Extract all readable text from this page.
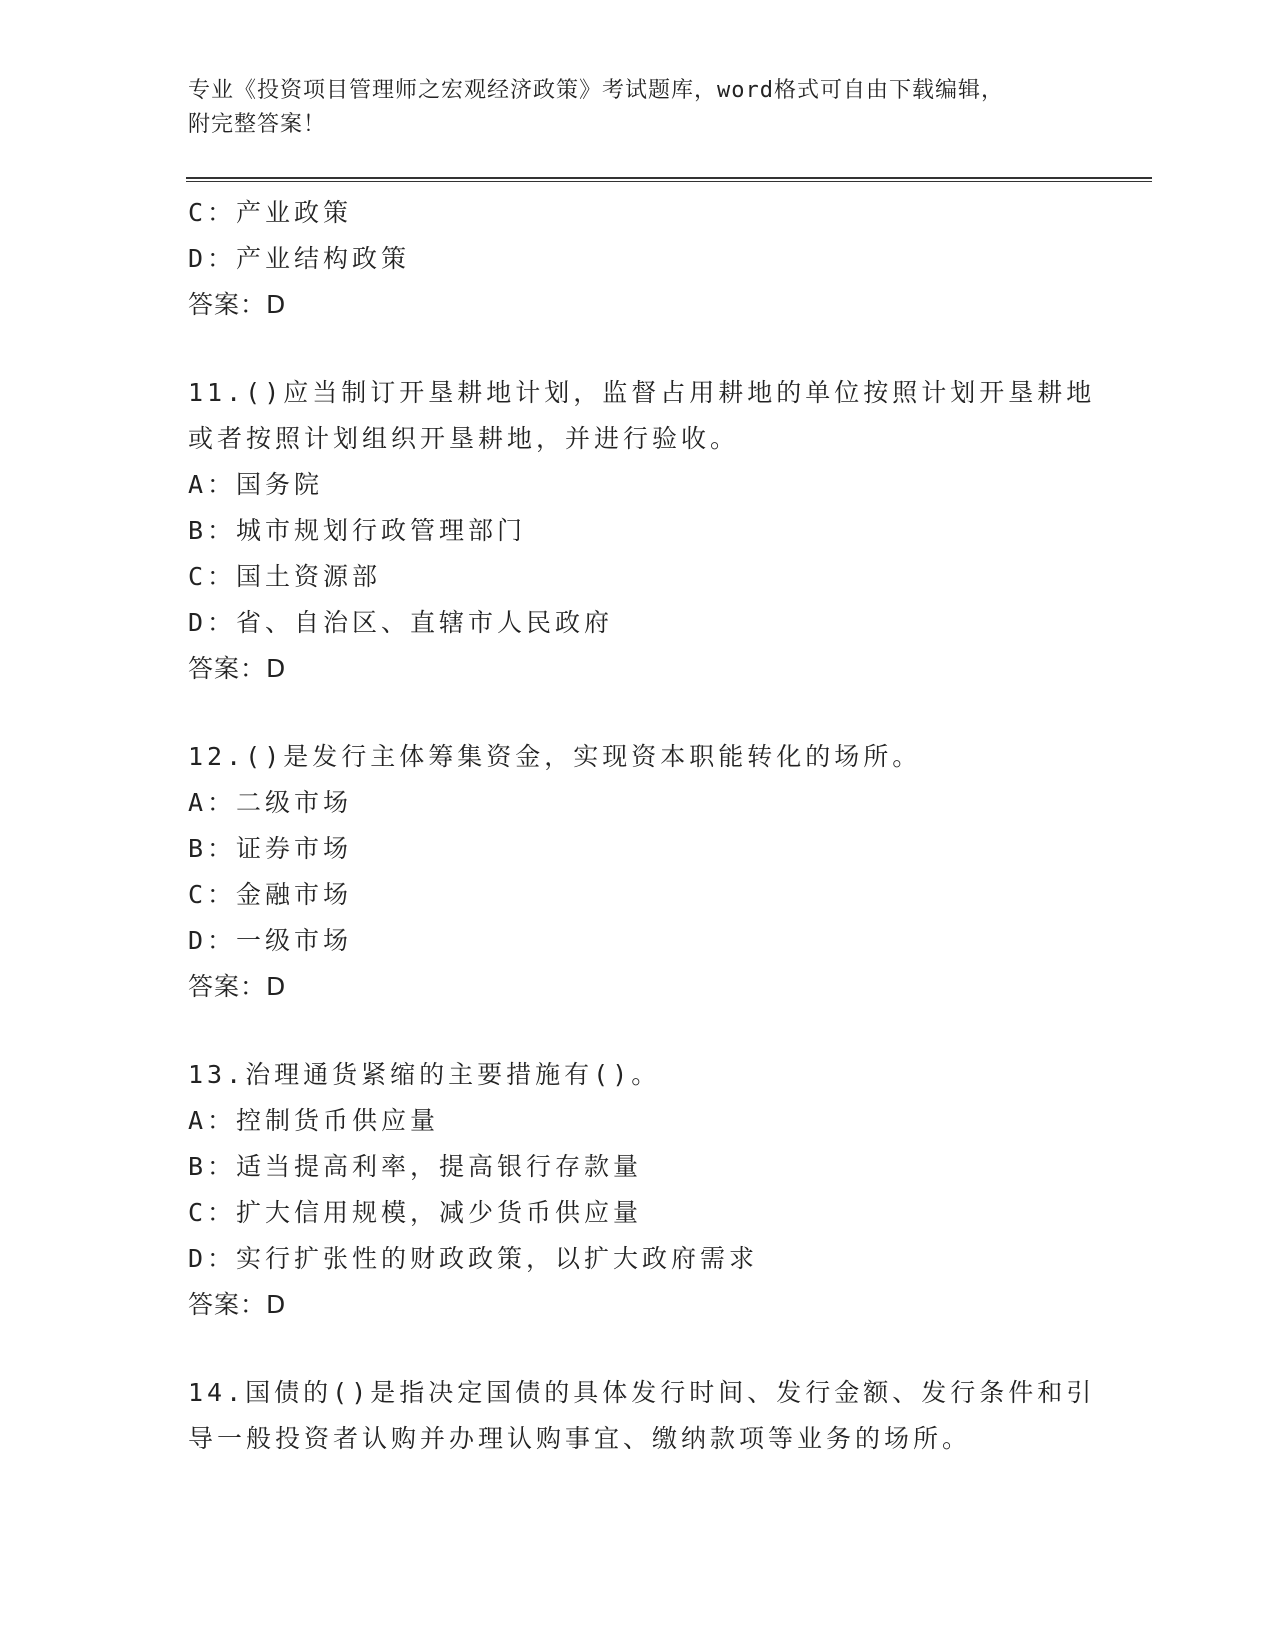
专业《投资项目管理师之宏观经济政策》考试题库，word格式可自由下载编辑，
附完整答案！
C：产业政策
D：产业结构政策
答案：D
11.()应当制订开垦耕地计划，监督占用耕地的单位按照计划开垦耕地
或者按照计划组织开垦耕地，并进行验收。
A：国务院
B：城市规划行政管理部门
C：国土资源部
D：省、自治区、直辖市人民政府
答案：D
12.()是发行主体筹集资金，实现资本职能转化的场所。
A：二级市场
B：证券市场
C：金融市场
D：一级市场
答案：D
13.治理通货紧缩的主要措施有()。
A：控制货币供应量
B：适当提高利率，提高银行存款量
C：扩大信用规模，减少货币供应量
D：实行扩张性的财政政策，以扩大政府需求
答案：D
14.国债的()是指决定国债的具体发行时间、发行金额、发行条件和引
导一般投资者认购并办理认购事宜、缴纳款项等业务的场所。
